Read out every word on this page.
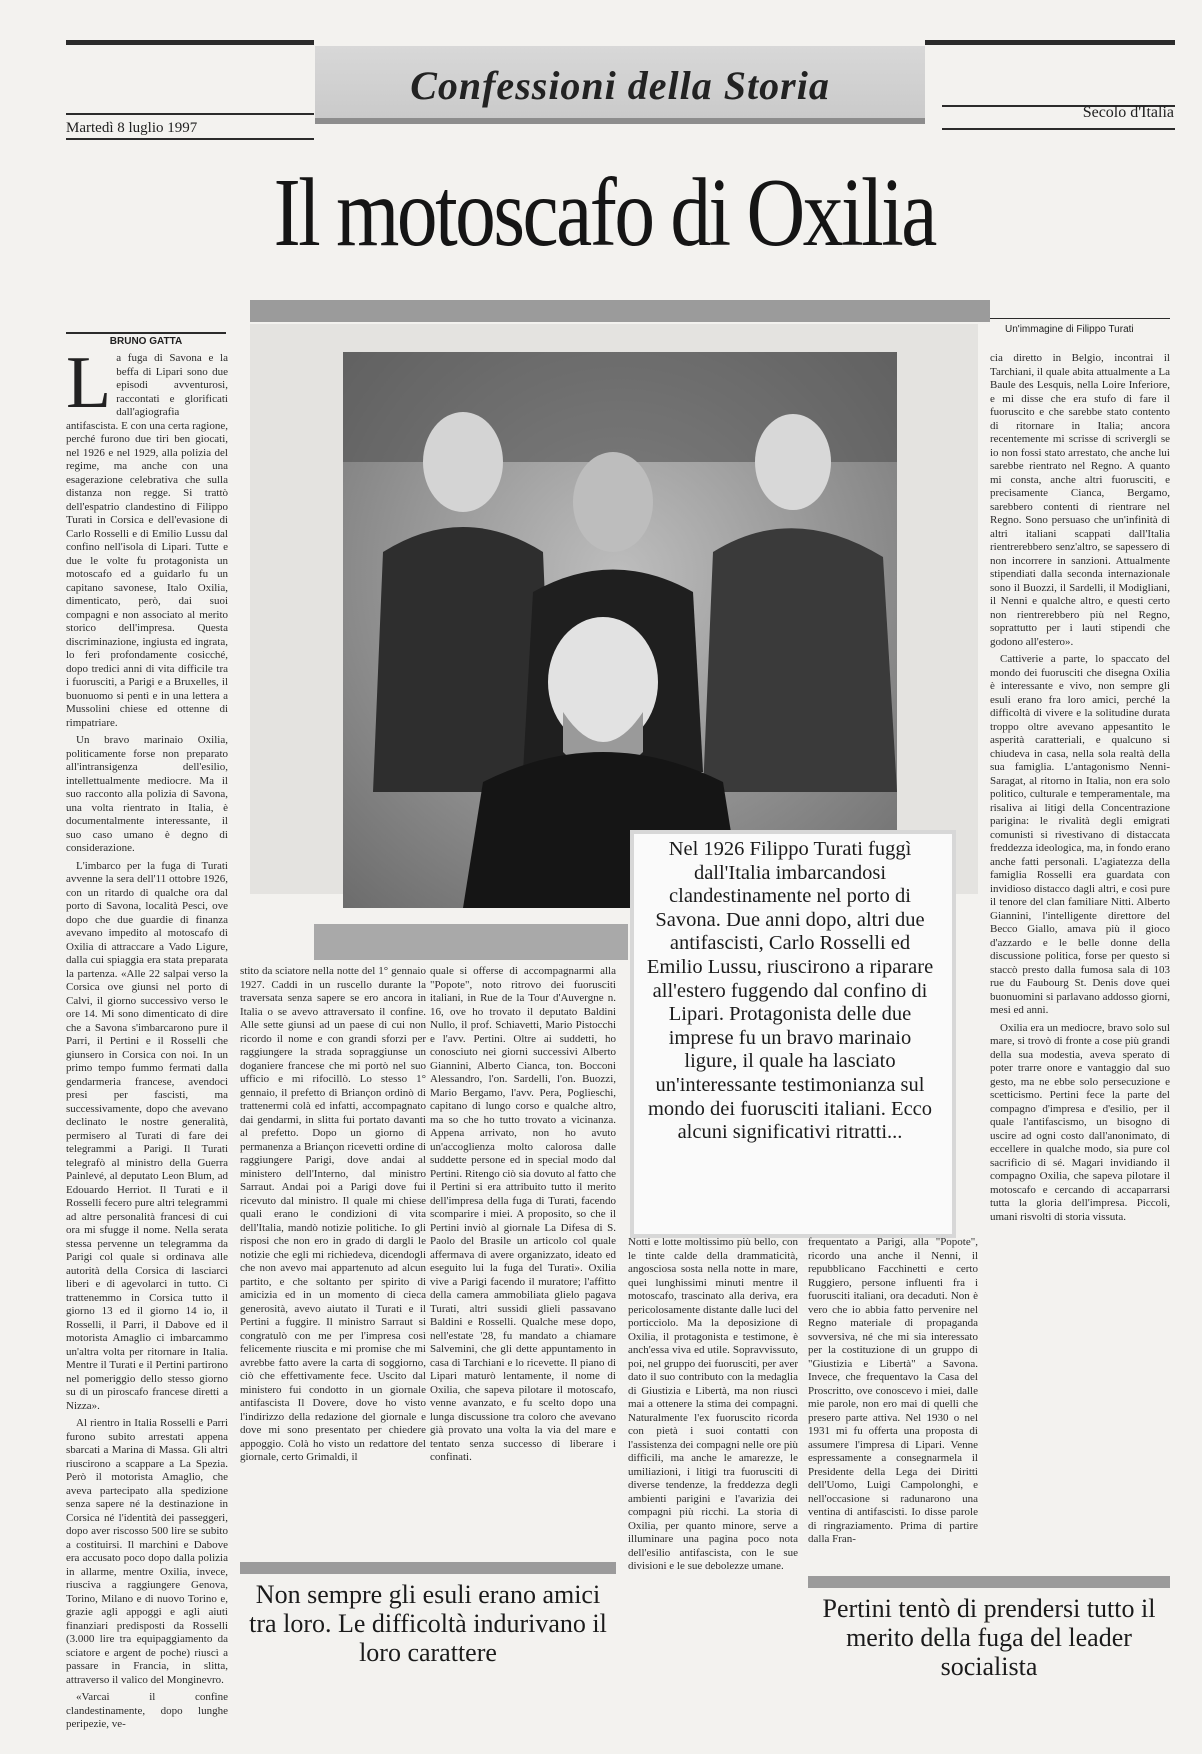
Confessioni della Storia
Martedì 8 luglio 1997
Secolo d'Italia
Il motoscafo di Oxilia
BRUNO GATTA
Un'immagine di Filippo Turati
L a fuga di Savona e la beffa di Lipari sono due episodi avventurosi, raccontati e glorificati dall'agiografia antifascista. E con una certa ragione, perché furono due tiri ben giocati, nel 1926 e nel 1929, alla polizia del regime, ma anche con una esagerazione celebrativa che sulla distanza non regge. Si trattò dell'espatrio clandestino di Filippo Turati in Corsica e dell'evasione di Carlo Rosselli e di Emilio Lussu dal confino nell'isola di Lipari. Tutte e due le volte fu protagonista un motoscafo ed a guidarlo fu un capitano savonese, Italo Oxilia, dimenticato, però, dai suoi compagni e non associato al merito storico dell'impresa. Questa discriminazione, ingiusta ed ingrata, lo ferì profondamente cosicché, dopo tredici anni di vita difficile tra i fuorusciti, a Parigi e a Bruxelles, il buonuomo si pentì e in una lettera a Mussolini chiese ed ottenne di rimpatriare.

Un bravo marinaio Oxilia, politicamente forse non preparato all'intransigenza dell'esilio, intellettualmente mediocre. Ma il suo racconto alla polizia di Savona, una volta rientrato in Italia, è documentalmente interessante, il suo caso umano è degno di considerazione.

L'imbarco per la fuga di Turati avvenne la sera dell'11 ottobre 1926, con un ritardo di qualche ora dal porto di Savona, località Pesci, ove dopo che due guardie di finanza avevano impedito al motoscafo di Oxilia di attraccare a Vado Ligure, dalla cui spiaggia era stata preparata la partenza. «Alle 22 salpai verso la Corsica ove giunsi nel porto di Calvi, il giorno successivo verso le ore 14. Mi sono dimenticato di dire che a Savona s'imbarcarono pure il Parri, il Pertini e il Rosselli che giunsero in Corsica con noi. In un primo tempo fummo fermati dalla gendarmeria francese, avendoci presi per fascisti, ma successivamente, dopo che avevano declinato le nostre generalità, permisero al Turati di fare dei telegrammi a Parigi. Il Turati telegrafò al ministro della Guerra Painlevé, al deputato Leon Blum, ad Edouardo Herriot. Il Turati e il Rosselli fecero pure altri telegrammi ad altre personalità francesi di cui ora mi sfugge il nome. Nella serata stessa pervenne un telegramma da Parigi col quale si ordinava alle autorità della Corsica di lasciarci liberi e di agevolarci in tutto. Ci trattenemmo in Corsica tutto il giorno 13 ed il giorno 14 io, il Rosselli, il Parri, il Dabove ed il motorista Amaglio ci imbarcammo un'altra volta per ritornare in Italia. Mentre il Turati e il Pertini partirono nel pomeriggio dello stesso giorno su di un piroscafo francese diretti a Nizza».

Al rientro in Italia Rosselli e Parri furono subito arrestati appena sbarcati a Marina di Massa. Gli altri riuscirono a scappare a La Spezia. Però il motorista Amaglio, che aveva partecipato alla spedizione senza sapere né la destinazione in Corsica né l'identità dei passeggeri, dopo aver riscosso 500 lire se subito a costituirsi. Il marchini e Dabove era accusato poco dopo dalla polizia in allarme, mentre Oxilia, invece, riusciva a raggiungere Genova, Torino, Milano e di nuovo Torino e, grazie agli appoggi e agli aiuti finanziari predisposti da Rosselli (3.000 lire tra equipaggiamento da sciatore e argent de poche) riuscì a passare in Francia, in slitta, attraverso il valico del Monginevro.

«Varcai il confine clandestinamente, dopo lunghe peripezie, ve-

Nel 1926 Filippo Turati fuggì dall'Italia imbarcandosi clandestinamente nel porto di Savona. Due anni dopo, altri due antifascisti, Carlo Rosselli ed Emilio Lussu, riuscirono a riparare all'estero fuggendo dal confino di Lipari. Protagonista delle due imprese fu un bravo marinaio ligure, il quale ha lasciato un'interessante testimonianza sul mondo dei fuorusciti italiani. Ecco alcuni significativi ritratti...

stito da sciatore nella notte del 1° gennaio 1927. Caddi in un ruscello durante la traversata senza sapere se ero ancora in Italia o se avevo attraversato il confine. Alle sette giunsi ad un paese di cui non ricordo il nome e con grandi sforzi per raggiungere la strada sopraggiunse un doganiere francese che mi portò nel suo ufficio e mi rifocillò. Lo stesso 1° gennaio, il prefetto di Briançon ordinò di trattenermi colà ed infatti, accompagnato dai gendarmi, in slitta fui portato davanti al prefetto. Dopo un giorno di permanenza a Briançon ricevetti ordine di raggiungere Parigi, dove andai al ministero dell'Interno, dal ministro Sarraut. Andai poi a Parigi dove fui ricevuto dal ministro. Il quale mi chiese quali erano le condizioni di vita dell'Italia, mandò notizie politiche. Io gli risposi che non ero in grado di dargli le notizie che egli mi richiedeva, dicendogli che non avevo mai appartenuto ad alcun partito, e che soltanto per spirito di amicizia ed in un momento di cieca generosità, avevo aiutato il Turati e il Pertini a fuggire. Il ministro Sarraut si congratulò con me per l'impresa così felicemente riuscita e mi promise che mi avrebbe fatto avere la carta di soggiorno, ciò che effettivamente fece. Uscito dal ministero fui condotto in un giornale antifascista Il Dovere, dove ho visto l'indirizzo della redazione del giornale e dove mi sono presentato per chiedere appoggio. Colà ho visto un redattore del giornale, certo Grimaldi, il

quale si offerse di accompagnarmi alla "Popote", noto ritrovo dei fuorusciti italiani, in Rue de la Tour d'Auvergne n. 16, ove ho trovato il deputato Baldini Nullo, il prof. Schiavetti, Mario Pistocchi e l'avv. Pertini. Oltre ai suddetti, ho conosciuto nei giorni successivi Alberto Giannini, Alberto Cianca, ton. Bocconi Alessandro, l'on. Sardelli, l'on. Buozzi, Mario Bergamo, l'avv. Pera, Poglieschi, capitano di lungo corso e qualche altro, ma so che ho tutto trovato a vicinanza. Appena arrivato, non ho avuto un'accoglienza molto calorosa dalle suddette persone ed in special modo dal Pertini. Ritengo ciò sia dovuto al fatto che il Pertini si era attribuito tutto il merito dell'impresa della fuga di Turati, facendo scomparire i miei. A proposito, so che il Pertini inviò al giornale La Difesa di S. Paolo del Brasile un articolo col quale affermava di avere organizzato, ideato ed eseguito lui la fuga del Turati». Oxilia vive a Parigi facendo il muratore; l'affitto della camera ammobiliata glielo pagava Turati, altri sussidi glieli passavano Baldini e Rosselli. Qualche mese dopo, nell'estate '28, fu mandato a chiamare Salvemini, che gli dette appuntamento in casa di Tarchiani e lo ricevette. Il piano di Lipari maturò lentamente, il nome di Oxilia, che sapeva pilotare il motoscafo, venne avanzato, e fu scelto dopo una lunga discussione tra coloro che avevano già provato una volta la via del mare e tentato senza successo di liberare i confinati.

Notti e lotte moltissimo più bello, con le tinte calde della drammaticità, angosciosa sosta nella notte in mare, quei lunghissimi minuti mentre il motoscafo, trascinato alla deriva, era pericolosamente distante dalle luci del porticciolo. Ma la deposizione di Oxilia, il protagonista e testimone, è anch'essa viva ed utile. Sopravvissuto, poi, nel gruppo dei fuorusciti, per aver dato il suo contributo con la medaglia di Giustizia e Libertà, ma non riuscì mai a ottenere la stima dei compagni. Naturalmente l'ex fuoruscito ricorda con pietà i suoi contatti con l'assistenza dei compagni nelle ore più difficili, ma anche le amarezze, le umiliazioni, i litigi tra fuorusciti di diverse tendenze, la freddezza degli ambienti parigini e l'avarizia dei compagni più ricchi. La storia di Oxilia, per quanto minore, serve a illuminare una pagina poco nota dell'esilio antifascista, con le sue divisioni e le sue debolezze umane.

frequentato a Parigi, alla "Popote", ricordo una anche il Nenni, il repubblicano Facchinetti e certo Ruggiero, persone influenti fra i fuorusciti italiani, ora decaduti. Non è vero che io abbia fatto pervenire nel Regno materiale di propaganda sovversiva, né che mi sia interessato per la costituzione di un gruppo di "Giustizia e Libertà" a Savona. Invece, che frequentavo la Casa del Proscritto, ove conoscevo i miei, dalle mie parole, non ero mai di quelli che presero parte attiva. Nel 1930 o nel 1931 mi fu offerta una proposta di assumere l'impresa di Lipari. Venne espressamente a consegnarmela il Presidente della Lega dei Diritti dell'Uomo, Luigi Campolonghi, e nell'occasione si radunarono una ventina di antifascisti. Io disse parole di ringraziamento. Prima di partire dalla Fran-

cia diretto in Belgio, incontrai il Tarchiani, il quale abita attualmente a La Baule des Lesquis, nella Loire Inferiore, e mi disse che era stufo di fare il fuoruscito e che sarebbe stato contento di ritornare in Italia; ancora recentemente mi scrisse di scrivergli se io non fossi stato arrestato, che anche lui sarebbe rientrato nel Regno. A quanto mi consta, anche altri fuorusciti, e precisamente Cianca, Bergamo, sarebbero contenti di rientrare nel Regno. Sono persuaso che un'infinità di altri italiani scappati dall'Italia rientrerebbero senz'altro, se sapessero di non incorrere in sanzioni. Attualmente stipendiati dalla seconda internazionale sono il Buozzi, il Sardelli, il Modigliani, il Nenni e qualche altro, e questi certo non rientrerebbero più nel Regno, soprattutto per i lauti stipendi che godono all'estero».

Cattiverie a parte, lo spaccato del mondo dei fuorusciti che disegna Oxilia è interessante e vivo, non sempre gli esuli erano fra loro amici, perché la difficoltà di vivere e la solitudine durata troppo oltre avevano appesantito le asperità caratteriali, e qualcuno si chiudeva in casa, nella sola realtà della sua famiglia. L'antagonismo Nenni-Saragat, al ritorno in Italia, non era solo politico, culturale e temperamentale, ma risaliva ai litigi della Concentrazione parigina: le rivalità degli emigrati comunisti si rivestivano di distaccata freddezza ideologica, ma, in fondo erano anche fatti personali. L'agiatezza della famiglia Rosselli era guardata con invidioso distacco dagli altri, e così pure il tenore del clan familiare Nitti. Alberto Giannini, l'intelligente direttore del Becco Giallo, amava più il gioco d'azzardo e le belle donne della discussione politica, forse per questo si staccò presto dalla fumosa sala di 103 rue du Faubourg St. Denis dove quei buonuomini si parlavano addosso giorni, mesi ed anni.

Oxilia era un mediocre, bravo solo sul mare, si trovò di fronte a cose più grandi della sua modestia, aveva sperato di poter trarre onore e vantaggio dal suo gesto, ma ne ebbe solo persecuzione e scetticismo. Pertini fece la parte del compagno d'impresa e d'esilio, per il quale l'antifascismo, un bisogno di uscire ad ogni costo dall'anonimato, di eccellere in qualche modo, sia pure col sacrificio di sé. Magari invidiando il compagno Oxilia, che sapeva pilotare il motoscafo e cercando di accaparrarsi tutta la gloria dell'impresa. Piccoli, umani risvolti di storia vissuta.

Non sempre gli esuli erano amici tra loro. Le difficoltà indurivano il loro carattere
Pertini tentò di prendersi tutto il merito della fuga del leader socialista
